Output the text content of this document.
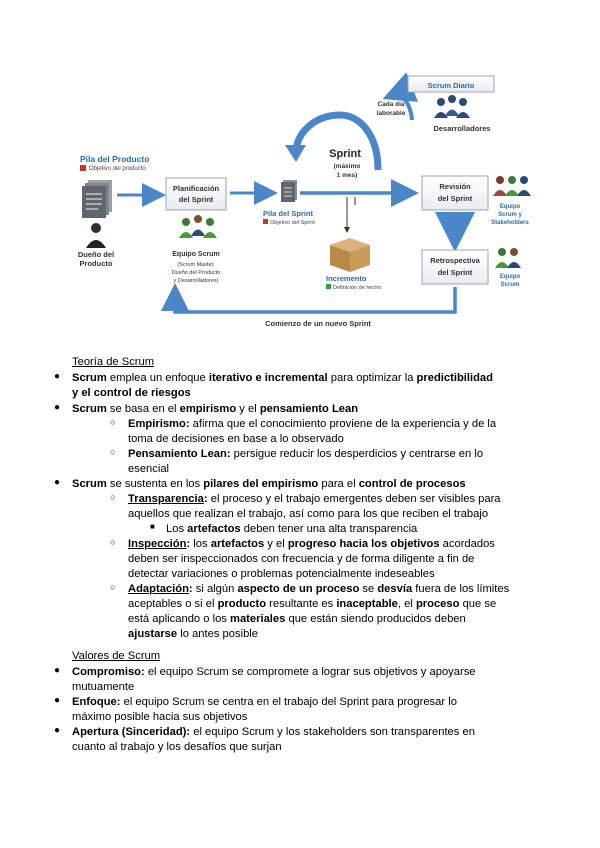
Pila del Producto
Objetivo del producto
Dueño del
Producto
Planificación
del Sprint
Equipo Scrum
(Scrum Master,
Dueño del Producto
y Desarrolladores)
Pila del Sprint
Objetivo del Sprint
Sprint
(máximo
1 mes)
Cada día
laborable
Scrum Diario
Desarrolladores
Incremento
Definición de hecho
Revisión
del Sprint
Equipo
Scrum y
Stakeholders
Retrospectiva
del Sprint	Equipo
Scrum
Comienzo de un nuevo Sprint
Teoría de Scrum
● Scrum emplea un enfoque iterativo e incremental para optimizar la predictibilidad
y el control de riesgos
● Scrum se basa en el empirismo y el pensamiento Lean
○ Empirismo: afirma que el conocimiento proviene de la experiencia y de la
toma de decisiones en base a lo observado
○ Pensamiento Lean: persigue reducir los desperdicios y centrarse en lo
esencial
● Scrum se sustenta en los pilares del empirismo para el control de procesos
○ Transparencia: el proceso y el trabajo emergentes deben ser visibles para
aquellos que realizan el trabajo, así como para los que reciben el trabajo
■ Los artefactos deben tener una alta transparencia
○ Inspección: los artefactos y el progreso hacia los objetivos acordados
deben ser inspeccionados con frecuencia y de forma diligente a fin de
detectar variaciones o problemas potencialmente indeseables
○ Adaptación: si algún aspecto de un proceso se desvía fuera de los límites
aceptables o si el producto resultante es inaceptable, el proceso que se
está aplicando o los materiales que están siendo producidos deben
ajustarse lo antes posible
Valores de Scrum
● Compromiso: el equipo Scrum se compromete a lograr sus objetivos y apoyarse
mutuamente
● Enfoque: el equipo Scrum se centra en el trabajo del Sprint para progresar lo
máximo posible hacia sus objetivos
● Apertura (Sinceridad): el equipo Scrum y los stakeholders son transparentes en
cuanto al trabajo y los desafíos que surjan
